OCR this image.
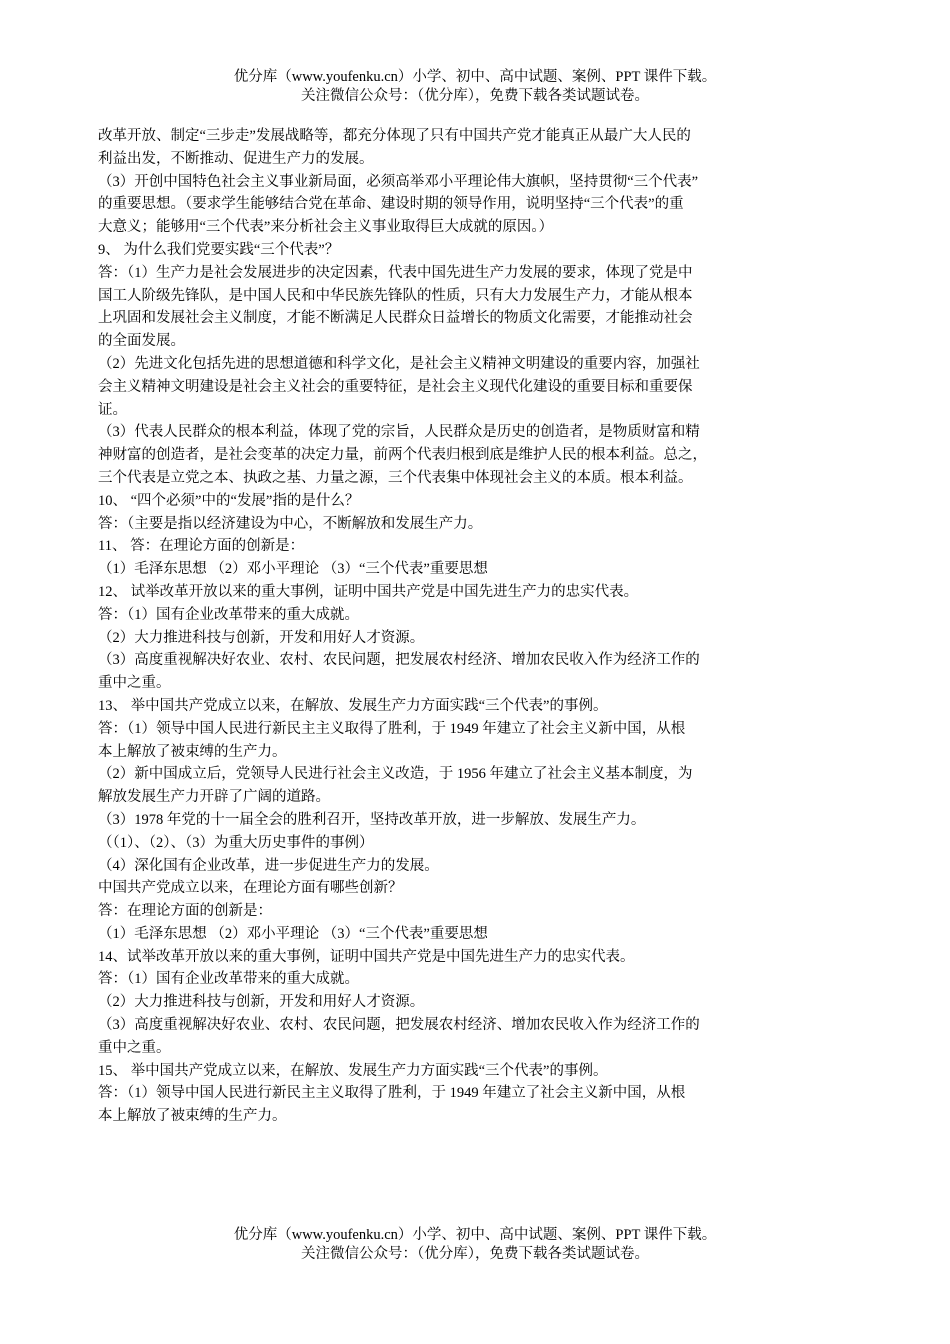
优分库（www.youfenku.cn）小学、初中、高中试题、案例、PPT 课件下载。
关注微信公众号：（优分库），免费下载各类试题试卷。

改革开放、制定“三步走”发展战略等，都充分体现了只有中国共产党才能真正从最广大人民的

利益出发，不断推动、促进生产力的发展。

（3）开创中国特色社会主义事业新局面，必须高举邓小平理论伟大旗帜，坚持贯彻“三个代表”

的重要思想。（要求学生能够结合党在革命、建设时期的领导作用，说明坚持“三个代表”的重

大意义；能够用“三个代表”来分析社会主义事业取得巨大成就的原因。）

9、 为什么我们党要实践“三个代表”？

答：（1）生产力是社会发展进步的决定因素，代表中国先进生产力发展的要求，体现了党是中

国工人阶级先锋队，是中国人民和中华民族先锋队的性质，只有大力发展生产力，才能从根本

上巩固和发展社会主义制度，才能不断满足人民群众日益增长的物质文化需要，才能推动社会

的全面发展。

（2）先进文化包括先进的思想道德和科学文化，是社会主义精神文明建设的重要内容，加强社

会主义精神文明建设是社会主义社会的重要特征，是社会主义现代化建设的重要目标和重要保

证。

（3）代表人民群众的根本利益，体现了党的宗旨，人民群众是历史的创造者，是物质财富和精

神财富的创造者，是社会变革的决定力量，前两个代表归根到底是维护人民的根本利益。总之，

三个代表是立党之本、执政之基、力量之源，三个代表集中体现社会主义的本质。根本利益。

10、 “四个必须”中的“发展”指的是什么？

答：（主要是指以经济建设为中心，不断解放和发展生产力。

11、 答：在理论方面的创新是：

（1）毛泽东思想 （2）邓小平理论 （3）“三个代表”重要思想

12、 试举改革开放以来的重大事例，证明中国共产党是中国先进生产力的忠实代表。

答：（1）国有企业改革带来的重大成就。

（2）大力推进科技与创新，开发和用好人才资源。

（3）高度重视解决好农业、农村、农民问题，把发展农村经济、增加农民收入作为经济工作的

重中之重。

13、 举中国共产党成立以来，在解放、发展生产力方面实践“三个代表”的事例。

答：（1）领导中国人民进行新民主主义取得了胜利，于 1949 年建立了社会主义新中国，从根

本上解放了被束缚的生产力。

（2）新中国成立后，党领导人民进行社会主义改造，于 1956 年建立了社会主义基本制度，为

解放发展生产力开辟了广阔的道路。

（3）1978 年党的十一届全会的胜利召开，坚持改革开放，进一步解放、发展生产力。

（（1）、（2）、（3）为重大历史事件的事例）

（4）深化国有企业改革，进一步促进生产力的发展。

中国共产党成立以来，在理论方面有哪些创新？

答：在理论方面的创新是：

（1）毛泽东思想 （2）邓小平理论 （3）“三个代表”重要思想

14、试举改革开放以来的重大事例，证明中国共产党是中国先进生产力的忠实代表。

答：（1）国有企业改革带来的重大成就。

（2）大力推进科技与创新，开发和用好人才资源。

（3）高度重视解决好农业、农村、农民问题，把发展农村经济、增加农民收入作为经济工作的

重中之重。

15、 举中国共产党成立以来，在解放、发展生产力方面实践“三个代表”的事例。

答：（1）领导中国人民进行新民主主义取得了胜利，于 1949 年建立了社会主义新中国，从根

本上解放了被束缚的生产力。

优分库（www.youfenku.cn）小学、初中、高中试题、案例、PPT 课件下载。
关注微信公众号：（优分库），免费下载各类试题试卷。
